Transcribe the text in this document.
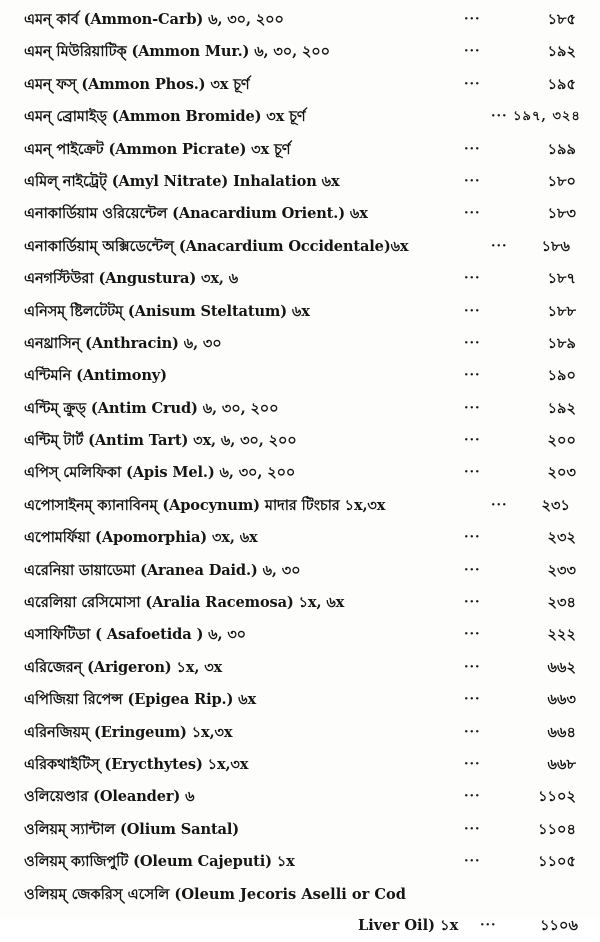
এমন্ কার্ব (Ammon-Carb) ৬, ৩০, ২০০	···	১৮৫
এমন্ মিউরিয়াটিক্ (Ammon Mur.) ৬, ৩০, ২০০	···	১৯২
এমন্ ফস্ (Ammon Phos.) ৩x চূর্ণ	···	১৯৫
এমন্ ব্রোমাইড্ (Ammon Bromide) ৩x চূর্ণ	··· ১৯৭, ৩২৪
এমন্ পাইক্রেট (Ammon Picrate) ৩x চূর্ণ	···	১৯৯
এমিল্ নাইট্রেট্ (Amyl Nitrate) Inhalation ৬x	···	১৮০
এনাকার্ডিয়াম ওরিয়েন্টেল (Anacardium Orient.) ৬x	···	১৮৩
এনাকার্ডিয়াম্ অক্সিডেন্টেল্ (Anacardium Occidentale)৬x	··· ১৮৬
এনগস্টিউরা (Angustura) ৩x, ৬	···	১৮৭
এনিসম্ ষ্টিলটেটম্ (Anisum Steltatum) ৬x	···	১৮৮
এনথ্রাসিন্ (Anthracin) ৬, ৩০	···	১৮৯
এন্টিমনি (Antimony)	···	১৯০
এন্টিম্ ক্রুড্ (Antim Crud) ৬, ৩০, ২০০	···	১৯২
এন্টিম্ টার্ট (Antim Tart) ৩x, ৬, ৩০, ২০০	···	২০০
এপিস্ মেলিফিকা (Apis Mel.) ৬, ৩০, ২০০	···	২০৩
এপোসাইনম্ ক্যানাবিনম্ (Apocynum) মাদার টিংচার ১x,৩x	··· ২৩১
এপোমর্ফিয়া (Apomorphia) ৩x, ৬x	···	২৩২
এরেনিয়া ডায়াডেমা (Aranea Daid.) ৬, ৩০	···	২৩৩
এরেলিয়া রেসিমোসা (Aralia Racemosa) ১x, ৬x	···	২৩৪
এসাফিটিডা ( Asafoetida ) ৬, ৩০	···	২২২
এরিজেরন্ (Arigeron) ১x, ৩x	···	৬৬২
এপিজিয়া রিপেন্স (Epigea Rip.) ৬x	···	৬৬৩
এরিনজিয়ম্ (Eringeum) ১x,৩x	···	৬৬৪
এরিকথাইটিস্ (Erycthytes) ১x,৩x	···	৬৬৮
ওলিয়েণ্ডার (Oleander) ৬	···	১১০২
ওলিয়ম্ স্যান্টাল (Olium Santal)	···	১১০৪
ওলিয়ম্ ক্যাজিপুটি (Oleum Cajeputi) ১x	···	১১০৫
ওলিয়ম্ জেকরিস্ এসেলি (Oleum Jecoris Aselli or Cod
Liver Oil) ১x ···	১১০৬
